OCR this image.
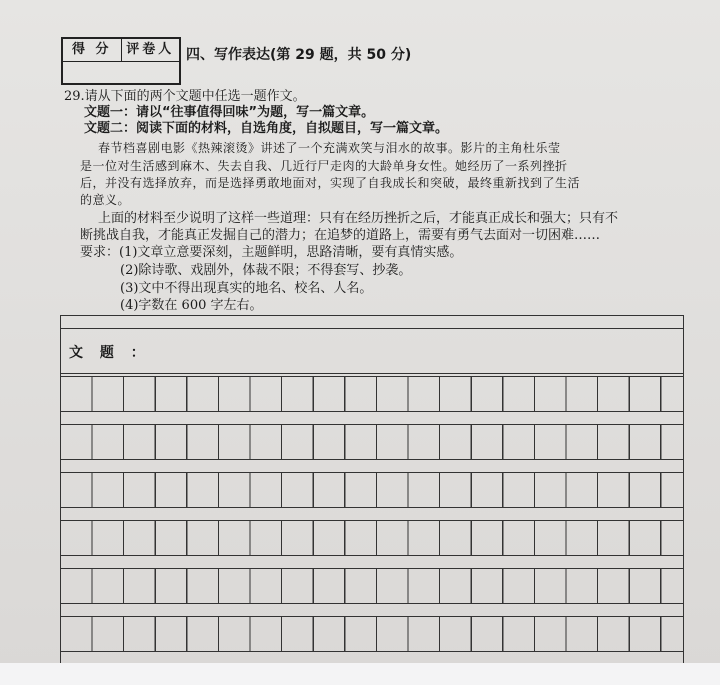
得 分	评卷人 四、写作表达(第 29 题，共 50 分)
29.请从下面的两个文题中任选一题作文。
文题一：请以“往事值得回味”为题，写一篇文章。
文题二：阅读下面的材料，自选角度，自拟题目，写一篇文章。
春节档喜剧电影《热辣滚烫》讲述了一个充满欢笑与泪水的故事。影片的主角杜乐莹
是一位对生活感到麻木、失去自我、几近行尸走肉的大龄单身女性。她经历了一系列挫折
后，并没有选择放弃，而是选择勇敢地面对，实现了自我成长和突破，最终重新找到了生活
的意义。
上面的材料至少说明了这样一些道理：只有在经历挫折之后，才能真正成长和强大；只有不
断挑战自我，才能真正发掘自己的潜力；在追梦的道路上，需要有勇气去面对一切困难……
要求：(1)文章立意要深刻，主题鲜明，思路清晰，要有真情实感。
(2)除诗歌、戏剧外，体裁不限；不得套写、抄袭。
(3)文中不得出现真实的地名、校名、人名。
(4)字数在 600 字左右。
文 题 ：
